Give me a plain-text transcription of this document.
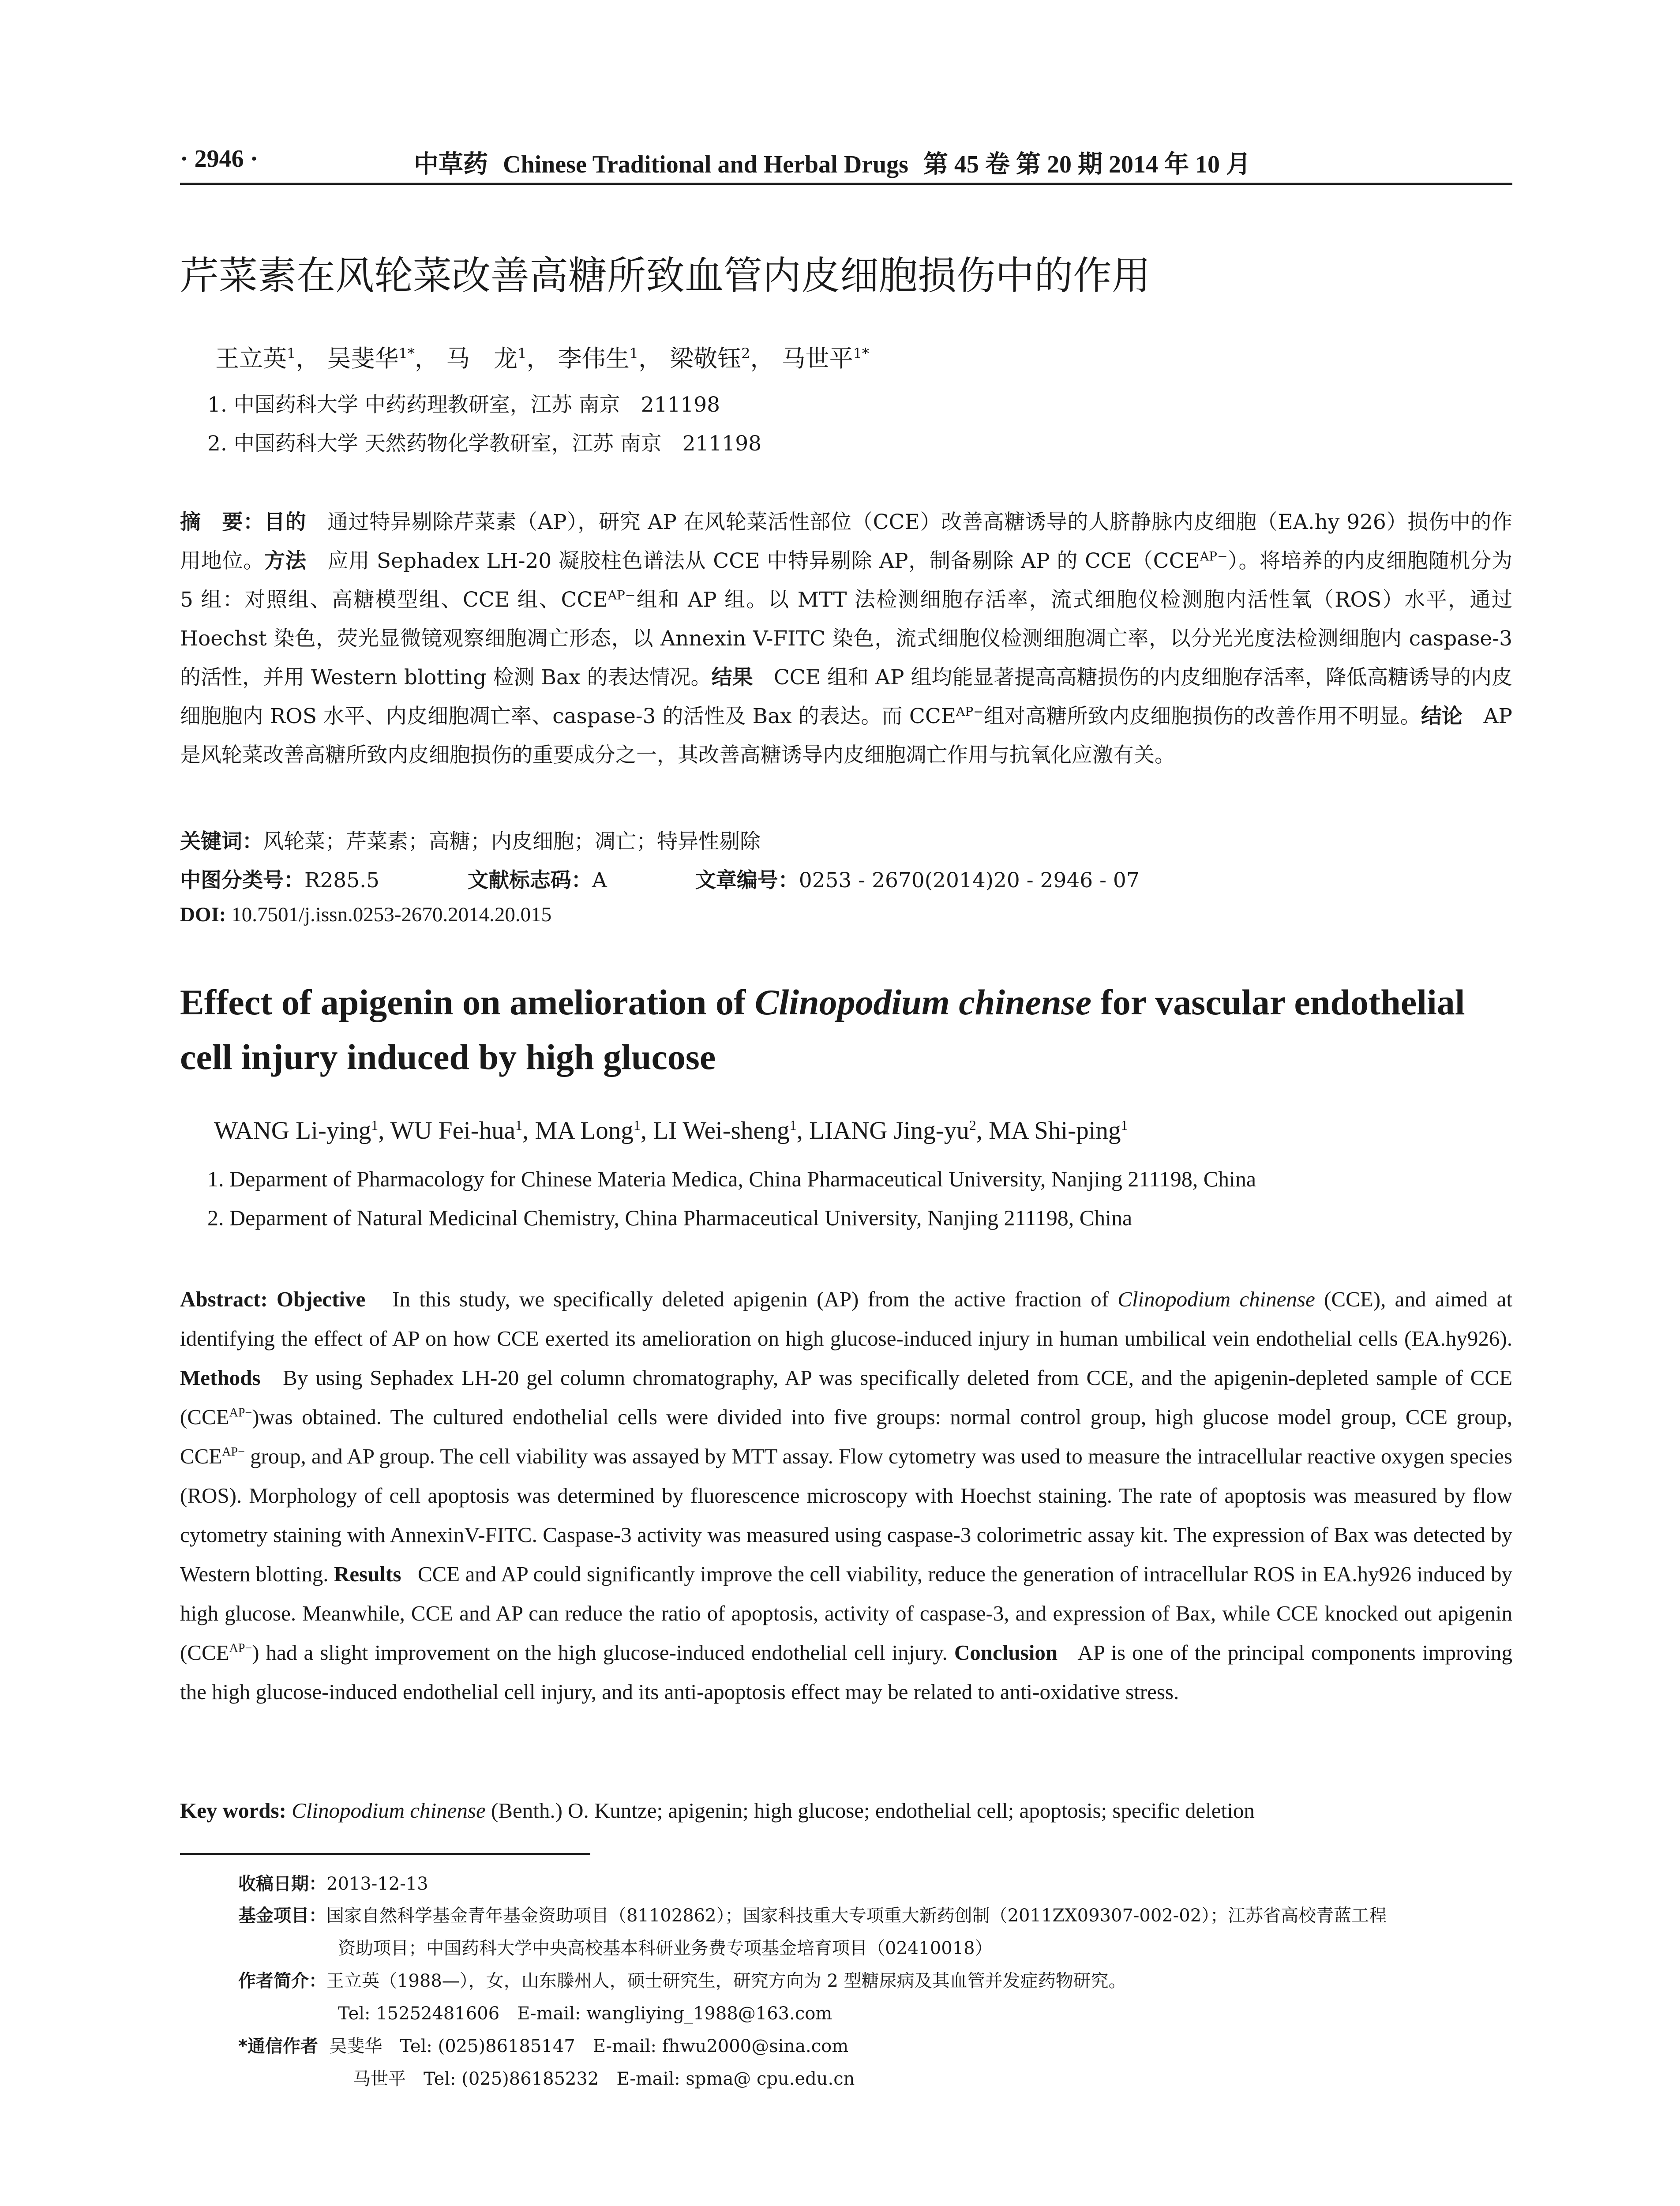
· 2946 ·	中草药 Chinese Traditional and Herbal Drugs 第 45 卷 第 20 期 2014 年 10 月
芹菜素在风轮菜改善高糖所致血管内皮细胞损伤中的作用
王立英$^1$， 吴斐华$^{1*}$， 马　龙$^1$， 李伟生$^1$， 梁敬钰$^2$， 马世平$^{1*}$
1. 中国药科大学 中药药理教研室，江苏 南京　211198
2. 中国药科大学 天然药物化学教研室，江苏 南京　211198
摘　要：目的　 通过特异剔除芹菜素（AP），研究 AP 在风轮菜活性部位（CCE）改善高糖诱导的人脐静脉内皮细胞（EA.hy 926）损伤中的作用地位。方法　 应用 Sephadex LH-20 凝胶柱色谱法从 CCE 中特异剔除 AP，制备剔除 AP 的 $CCE(CCE^{AP-})$。将培养的内皮细胞随机分为 5 组：对照组、高糖模型组、CCE 组、$CCE^{AP-}$组和 AP 组。以 MTT 法检测细胞存活率，流式细胞仪检测胞内活性氧（ROS）水平，通过 Hoechst 染色，荧光显微镜观察细胞凋亡形态，以 Annexin V-FITC 染色，流式细胞仪检测细胞凋亡率，以分光光度法检测细胞内 caspase-3 的活性，并用 Western blotting 检测 Bax 的表达情况。结果　 CCE 组和 AP 组均能显著提高高糖损伤的内皮细胞存活率，降低高糖诱导的内皮细胞胞内 ROS 水平、内皮细胞凋亡率、caspase-3 的活性及 Bax 的表达。而 $CCE^{AP-}$组对高糖所致内皮细胞损伤的改善作用不明显。结论　 AP 是风轮菜改善高糖所致内皮细胞损伤的重要成分之一，其改善高糖诱导内皮细胞凋亡作用与抗氧化应激有关。
关键词：风轮菜；芹菜素；高糖；内皮细胞；凋亡；特异性剔除
中图分类号：R285.5	文献标志码：A	文章编号：0253 - 2670(2014)20 - 2946 - 07
DOI: 10.7501/j.issn.0253-2670.2014.20.015
Effect of apigenin on amelioration of Clinopodium chinense for vascular endothelial cell injury induced by high glucose
WANG Li-ying$^1$, WU Fei-hua$^1$, MA Long$^1$, LI Wei-sheng$^1$, LIANG Jing-$yu^2$, MA Shi-ping$^1$
1. Deparment of Pharmacology for Chinese Materia Medica, China Pharmaceutical University, Nanjing 211198, China
2. Deparment of Natural Medicinal Chemistry, China Pharmaceutical University, Nanjing 211198, China
Abstract: Objective In this study, we specifically deleted apigenin (AP) from the active fraction of Clinopodium chinense (CCE), and aimed at identifying the effect of AP on how CCE exerted its amelioration on high glucose-induced injury in human umbilical vein endothelial cells (EA.hy926). Methods By using Sephadex LH-20 gel column chromatography, AP was specifically deleted from CCE, and the apigenin-depleted sample of CCE $(CCE^{AP-})was$ obtained. The cultured endothelial cells were divided into five groups: normal control group, high glucose model group, CCE group, $CCE^{AP-}$ group, and AP group. The cell viability was assayed by MTT assay. Flow cytometry was used to measure the intracellular reactive oxygen species (ROS). Morphology of cell apoptosis was determined by fluorescence microscopy with Hoechst staining. The rate of apoptosis was measured by flow cytometry staining with AnnexinV-FITC. Caspase-3 activity was measured using caspase-3 colorimetric assay kit. The expression of Bax was detected by Western blotting. Results CCE and AP could significantly improve the cell viability, reduce the generation of intracellular ROS in EA.hy926 induced by high glucose. Meanwhile, CCE and AP can reduce the ratio of apoptosis, activity of caspase-3, and expression of Bax, while CCE knocked out apigenin $(CCE^{AP-})$ had a slight improvement on the high glucose-induced endothelial cell injury. Conclusion AP is one of the principal components improving the high glucose-induced endothelial cell injury, and its anti-apoptosis effect may be related to anti-oxidative stress.
Key words: Clinopodium chinense (Benth.) O. Kuntze; apigenin; high glucose; endothelial cell; apoptosis; specific deletion
收稿日期：2013-12-13
基金项目：国家自然科学基金青年基金资助项目（81102862）；国家科技重大专项重大新药创制（2011ZX09307-002-02）；江苏省高校青蓝工程
资助项目；中国药科大学中央高校基本科研业务费专项基金培育项目（02410018）
作者简介：王立英（1988—），女，山东滕州人，硕士研究生，研究方向为 2 型糖尿病及其血管并发症药物研究。
Tel: 15252481606　E-mail: wangliying_1988@163.com
*通信作者 吴斐华　Tel: (025)86185147　E-mail: fhwu2000@sina.com
马世平　Tel: (025)86185232　E-mail: spma@ cpu.edu.cn
